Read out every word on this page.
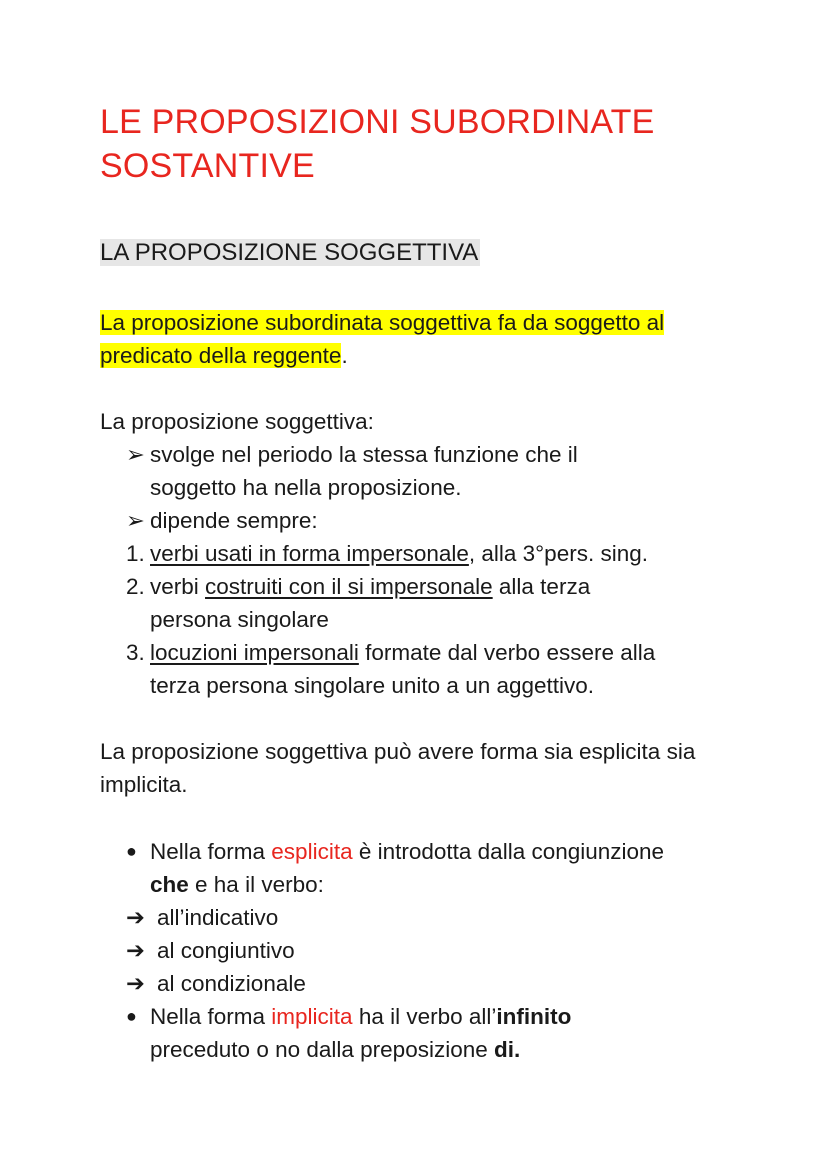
LE PROPOSIZIONI SUBORDINATE SOSTANTIVE
LA PROPOSIZIONE SOGGETTIVA
La proposizione subordinata soggettiva fa da soggetto al predicato della reggente.
La proposizione soggettiva:
➢ svolge nel periodo la stessa funzione che il
soggetto ha nella proposizione.
➢ dipende sempre:
1. verbi usati in forma impersonale, alla 3°pers. sing.
2. verbi costruiti con il si impersonale alla terza
persona singolare
3. locuzioni impersonali formate dal verbo essere alla
terza persona singolare unito a un aggettivo.
La proposizione soggettiva può avere forma sia esplicita sia implicita.
● Nella forma esplicita è introdotta dalla congiunzione
che e ha il verbo:
➔ all’indicativo
➔ al congiuntivo
➔ al condizionale
● Nella forma implicita ha il verbo all’infinito
preceduto o no dalla preposizione di.
